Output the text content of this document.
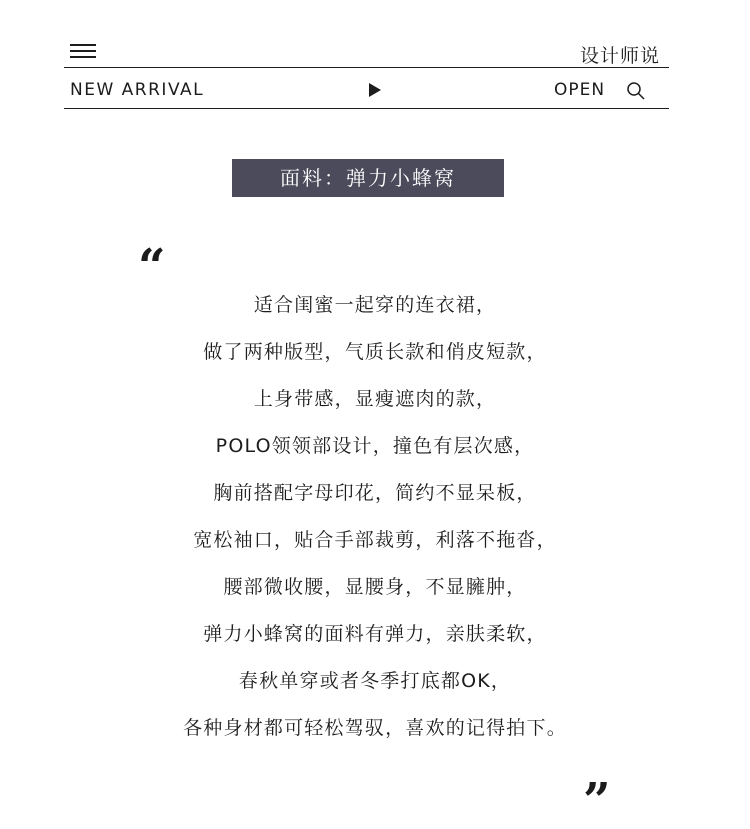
设计师说
NEW ARRIVAL	OPEN
面料：弹力小蜂窝
“
适合闺蜜一起穿的连衣裙，
做了两种版型，气质长款和俏皮短款，
上身带感，显瘦遮肉的款，
POLO领领部设计，撞色有层次感，
胸前搭配字母印花，简约不显呆板，
宽松袖口，贴合手部裁剪，利落不拖沓，
腰部微收腰，显腰身，不显臃肿，
弹力小蜂窝的面料有弹力，亲肤柔软，
春秋单穿或者冬季打底都OK，
各种身材都可轻松驾驭，喜欢的记得拍下。
”
